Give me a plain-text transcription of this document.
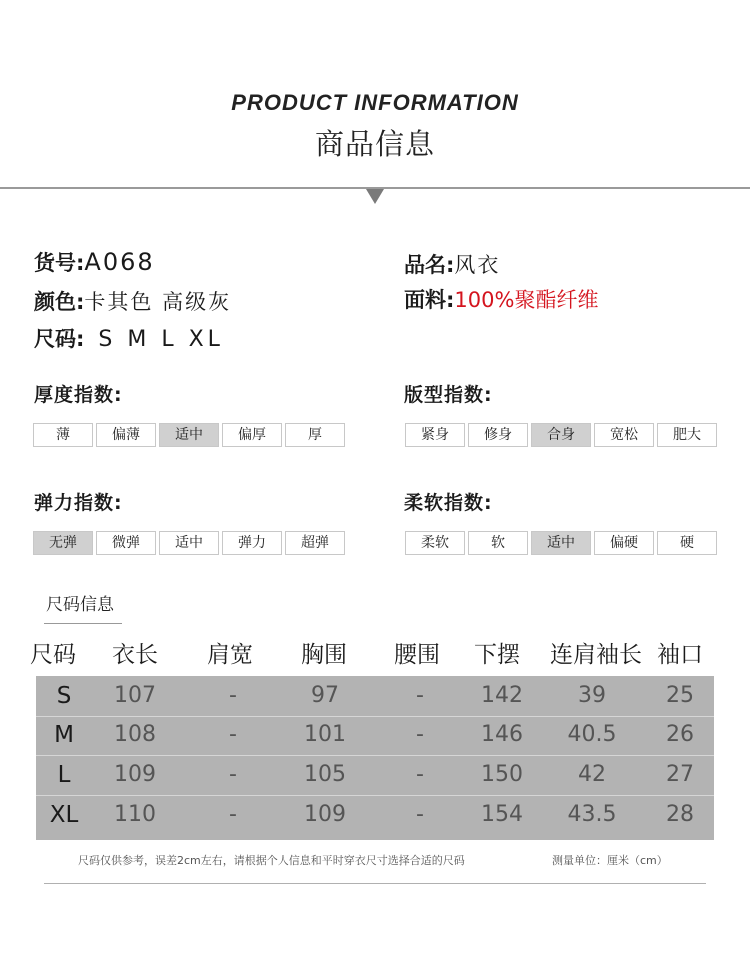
PRODUCT INFORMATION
商品信息
货号:A068	品名:风衣
颜色:卡其色 高级灰	面料:100%聚酯纤维
尺码: S M L XL
厚度指数:
薄	偏薄	适中	偏厚	厚
版型指数:
紧身	修身	合身	宽松	肥大
弹力指数:
无弹	微弹	适中	弹力	超弹
柔软指数:
柔软	软	适中	偏硬	硬
尺码信息
尺码 衣长 肩宽 胸围 腰围 下摆 连肩袖长 袖口
S	107	-	97	-	142	39	25
M	108	-	101	-	146	40.5	26
L	109	-	105	-	150	42	27
XL	110	-	109	-	154	43.5	28
尺码仅供参考，误差2cm左右，请根据个人信息和平时穿衣尺寸选择合适的尺码	测量单位：厘米（cm）
